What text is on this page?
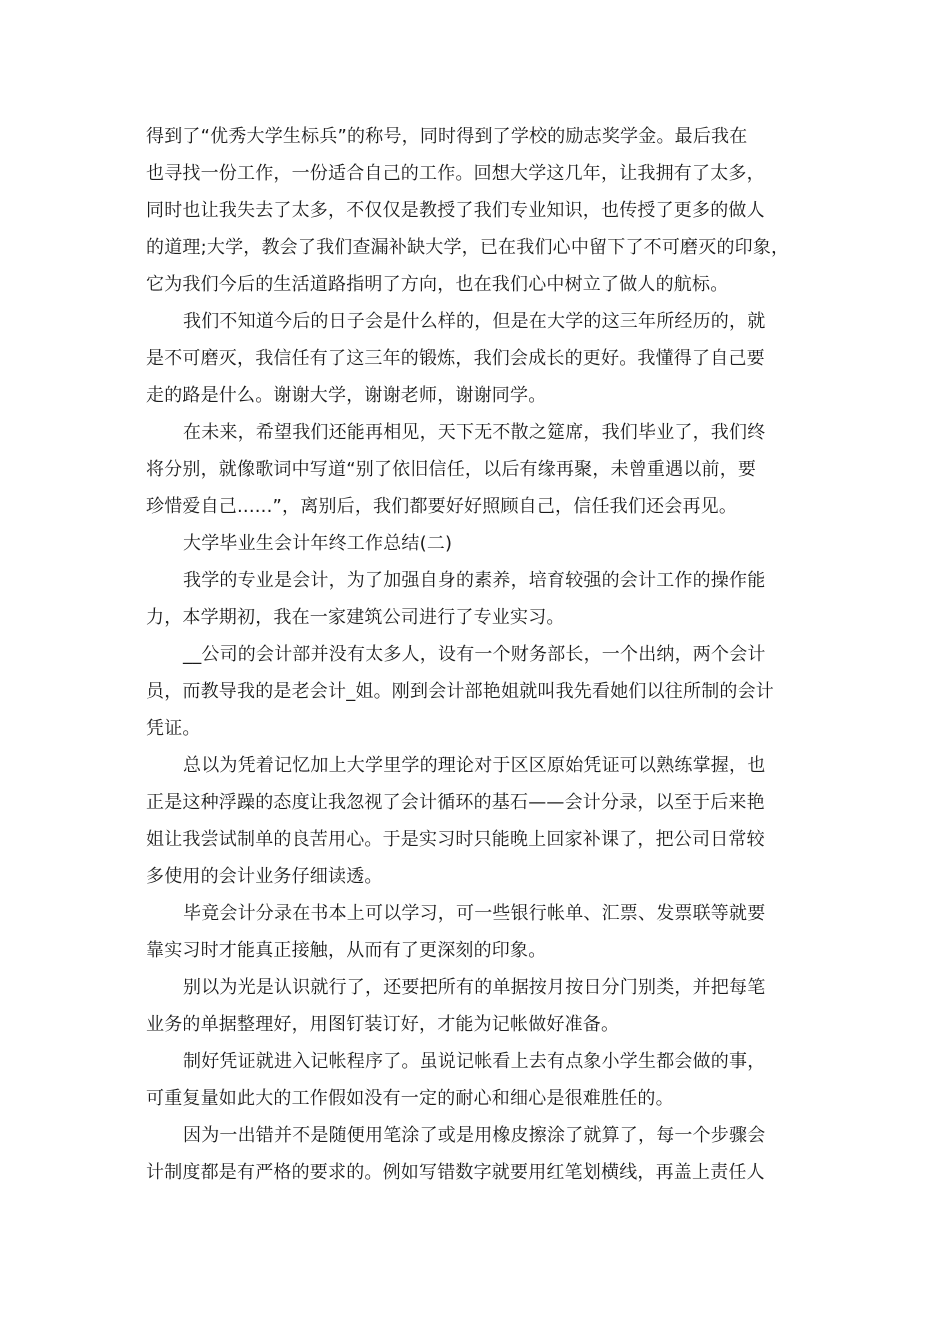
得到了“优秀大学生标兵”的称号，同时得到了学校的励志奖学金。最后我在
也寻找一份工作，一份适合自己的工作。回想大学这几年，让我拥有了太多，
同时也让我失去了太多，不仅仅是教授了我们专业知识，也传授了更多的做人
的道理;大学，教会了我们查漏补缺大学，已在我们心中留下了不可磨灭的印象，
它为我们今后的生活道路指明了方向，也在我们心中树立了做人的航标。
我们不知道今后的日子会是什么样的，但是在大学的这三年所经历的，就
是不可磨灭，我信任有了这三年的锻炼，我们会成长的更好。我懂得了自己要
走的路是什么。谢谢大学，谢谢老师，谢谢同学。
在未来，希望我们还能再相见，天下无不散之筵席，我们毕业了，我们终
将分别，就像歌词中写道“别了依旧信任，以后有缘再聚，未曾重遇以前，要
珍惜爱自己......”，离别后，我们都要好好照顾自己，信任我们还会再见。
大学毕业生会计年终工作总结(二)
我学的专业是会计，为了加强自身的素养，培育较强的会计工作的操作能
力，本学期初，我在一家建筑公司进行了专业实习。
__公司的会计部并没有太多人，设有一个财务部长，一个出纳，两个会计
员，而教导我的是老会计_姐。刚到会计部艳姐就叫我先看她们以往所制的会计
凭证。
总以为凭着记忆加上大学里学的理论对于区区原始凭证可以熟练掌握，也
正是这种浮躁的态度让我忽视了会计循环的基石——会计分录，以至于后来艳
姐让我尝试制单的良苦用心。于是实习时只能晚上回家补课了，把公司日常较
多使用的会计业务仔细读透。
毕竟会计分录在书本上可以学习，可一些银行帐单、汇票、发票联等就要
靠实习时才能真正接触，从而有了更深刻的印象。
别以为光是认识就行了，还要把所有的单据按月按日分门别类，并把每笔
业务的单据整理好，用图钉装订好，才能为记帐做好准备。
制好凭证就进入记帐程序了。虽说记帐看上去有点象小学生都会做的事，
可重复量如此大的工作假如没有一定的耐心和细心是很难胜任的。
因为一出错并不是随便用笔涂了或是用橡皮擦涂了就算了，每一个步骤会
计制度都是有严格的要求的。例如写错数字就要用红笔划横线，再盖上责任人
